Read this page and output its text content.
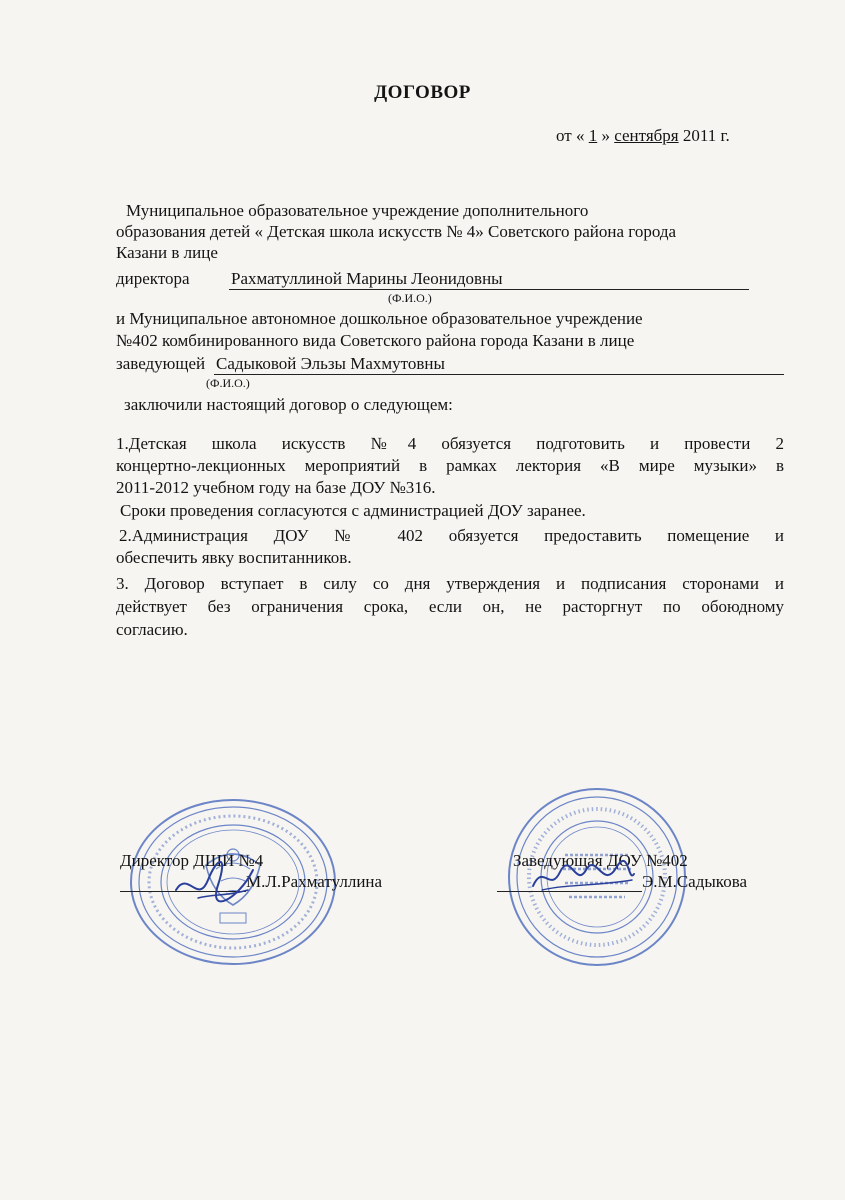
ДОГОВОР
от « 1 » сентября 2011 г.
Муниципальное образовательное учреждение дополнительного
образования детей « Детская школа искусств № 4» Советского района города
Казани в лице
директора Рахматуллиной Марины Леонидовны
(Ф.И.О.)
и Муниципальное автономное дошкольное образовательное учреждение
№402 комбинированного вида Советского района города Казани в лице
заведующей Садыковой Эльзы Махмутовны
(Ф.И.О.)
заключили настоящий договор о следующем:
1.Детская школа искусств №4 обязуется подготовить и провести 2
концертно-лекционных мероприятий в рамках лектория «В мире музыки» в
2011-2012 учебном году на базе ДОУ №316.
Сроки проведения согласуются с администрацией ДОУ заранее.
2.Администрация ДОУ № 402 обязуется предоставить помещение и
обеспечить явку воспитанников.
3. Договор вступает в силу со дня утверждения и подписания сторонами и
действует без ограничения срока, если он, не расторгнут по обоюдному
согласию.
Директор ДШИ №4
М.Л.Рахматуллина
Заведующая ДОУ №402
Э.М.Садыкова
